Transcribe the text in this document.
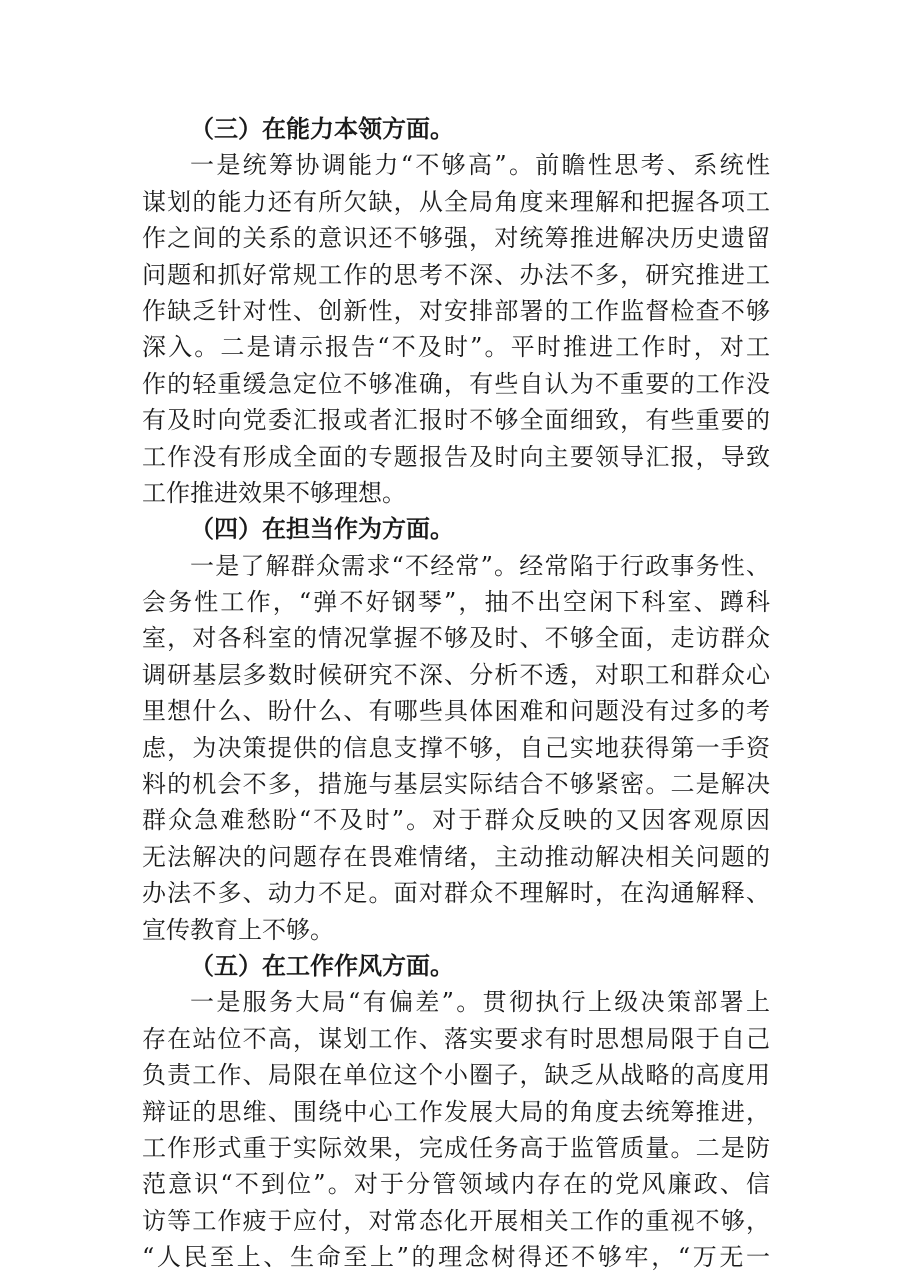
（三）在能力本领方面。
一是统筹协调能力“不够高”。前瞻性思考、系统性
谋划的能力还有所欠缺，从全局角度来理解和把握各项工
作之间的关系的意识还不够强，对统筹推进解决历史遗留
问题和抓好常规工作的思考不深、办法不多，研究推进工
作缺乏针对性、创新性，对安排部署的工作监督检查不够
深入。二是请示报告“不及时”。平时推进工作时，对工
作的轻重缓急定位不够准确，有些自认为不重要的工作没
有及时向党委汇报或者汇报时不够全面细致，有些重要的
工作没有形成全面的专题报告及时向主要领导汇报，导致
工作推进效果不够理想。
（四）在担当作为方面。
一是了解群众需求“不经常”。经常陷于行政事务性、
会务性工作，“弹不好钢琴”，抽不出空闲下科室、蹲科
室，对各科室的情况掌握不够及时、不够全面，走访群众
调研基层多数时候研究不深、分析不透，对职工和群众心
里想什么、盼什么、有哪些具体困难和问题没有过多的考
虑，为决策提供的信息支撑不够，自己实地获得第一手资
料的机会不多，措施与基层实际结合不够紧密。二是解决
群众急难愁盼“不及时”。对于群众反映的又因客观原因
无法解决的问题存在畏难情绪，主动推动解决相关问题的
办法不多、动力不足。面对群众不理解时，在沟通解释、
宣传教育上不够。
（五）在工作作风方面。
一是服务大局“有偏差”。贯彻执行上级决策部署上
存在站位不高，谋划工作、落实要求有时思想局限于自己
负责工作、局限在单位这个小圈子，缺乏从战略的高度用
辩证的思维、围绕中心工作发展大局的角度去统筹推进，
工作形式重于实际效果，完成任务高于监管质量。二是防
范意识“不到位”。对于分管领域内存在的党风廉政、信
访等工作疲于应付，对常态化开展相关工作的重视不够，
“人民至上、生命至上”的理念树得还不够牢，“万无一
